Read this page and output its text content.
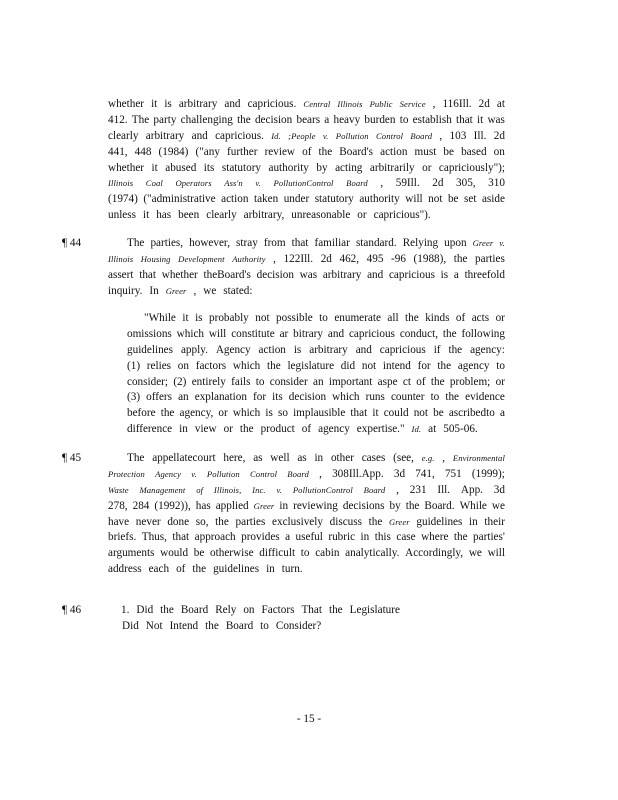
whether it is arbitrary and capricious. Central Illinois Public Service , 116Ill. 2d at
412. The party challenging the decision bears a heavy burden to establish that it was
clearly arbitrary and capricious. Id. ;People v. Pollution Control Board , 103 Ill. 2d
441, 448 (1984) ("any further review of the Board's action must be based on
whether it abused its statutory authority by acting arbitrarily or capriciously");
Illinois Coal Operators Ass'n v. PollutionControl Board , 59Ill. 2d 305, 310
(1974) ("administrative action taken under statutory authority will not be set aside
unless it has been clearly arbitrary, unreasonable or capricious").
¶ 44	The parties, however, stray from that familiar standard. Relying upon Greer v.
Illinois Housing Development Authority , 122Ill. 2d 462, 495 -96 (1988), the parties
assert that whether theBoard's decision was arbitrary and capricious is a threefold
inquiry. In Greer , we stated:
"While it is probably not possible to enumerate all the kinds of acts or
omissions which will constitute ar bitrary and capricious conduct, the following
guidelines apply. Agency action is arbitrary and capricious if the agency:
(1) relies on factors which the legislature did not intend for the agency to
consider; (2) entirely fails to consider an important aspe ct of the problem; or
(3) offers an explanation for its decision which runs counter to the evidence
before the agency, or which is so implausible that it could not be ascribedto a
difference in view or the product of agency expertise." Id. at 505-06.
¶ 45	The appellatecourt here, as well as in other cases (see, e.g. , Environmental
Protection Agency v. Pollution Control Board , 308Ill.App. 3d 741, 751 (1999);
Waste Management of Illinois, Inc. v. PollutionControl Board , 231 Ill. App. 3d
278, 284 (1992)), has applied Greer in reviewing decisions by the Board. While we
have never done so, the parties exclusively discuss the Greer guidelines in their
briefs. Thus, that approach provides a useful rubric in this case where the parties'
arguments would be otherwise difficult to cabin analytically. Accordingly, we will
address each of the guidelines in turn.
¶ 46	1. Did the Board Rely on Factors That the Legislature
Did Not Intend the Board to Consider?
- 15 -
